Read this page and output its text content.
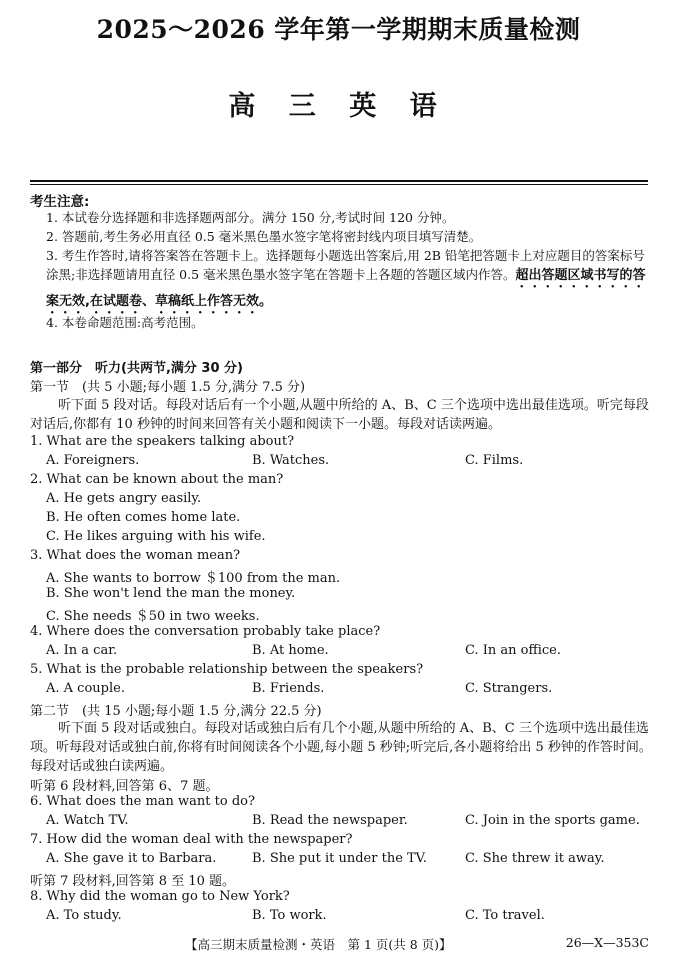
2025～2026 学年第一学期期末质量检测
高 三 英 语
考生注意:
1. 本试卷分选择题和非选择题两部分。满分 150 分,考试时间 120 分钟。
2. 答题前,考生务必用直径 0.5 毫米黑色墨水签字笔将密封线内项目填写清楚。
3. 考生作答时,请将答案答在答题卡上。选择题每小题选出答案后,用 2B 铅笔把答题卡上对应题目的答案标号涂黑;非选择题请用直径 0.5 毫米黑色墨水签字笔在答题卡上各题的答题区域内作答。超出答题区域书写的答案无效,在试题卷、草稿纸上作答无效。
4. 本卷命题范围:高考范围。
第一部分　听力(共两节,满分 30 分)
第一节　(共 5 小题;每小题 1.5 分,满分 7.5 分)
听下面 5 段对话。每段对话后有一个小题,从题中所给的 A、B、C 三个选项中选出最佳选项。听完每段对话后,你都有 10 秒钟的时间来回答有关小题和阅读下一小题。每段对话读两遍。
1. What are the speakers talking about?
A. Foreigners.	B. Watches.	C. Films.
2. What can be known about the man?
A. He gets angry easily.
B. He often comes home late.
C. He likes arguing with his wife.
3. What does the woman mean?
A. She wants to borrow ＄100 from the man.
B. She won't lend the man the money.
C. She needs ＄50 in two weeks.
4. Where does the conversation probably take place?
A. In a car.	B. At home.	C. In an office.
5. What is the probable relationship between the speakers?
A. A couple.	B. Friends.	C. Strangers.
第二节　(共 15 小题;每小题 1.5 分,满分 22.5 分)
听下面 5 段对话或独白。每段对话或独白后有几个小题,从题中所给的 A、B、C 三个选项中选出最佳选项。听每段对话或独白前,你将有时间阅读各个小题,每小题 5 秒钟;听完后,各小题将给出 5 秒钟的作答时间。每段对话或独白读两遍。
听第 6 段材料,回答第 6、7 题。
6. What does the man want to do?
A. Watch TV.	B. Read the newspaper.	C. Join in the sports game.
7. How did the woman deal with the newspaper?
A. She gave it to Barbara.	B. She put it under the TV.	C. She threw it away.
听第 7 段材料,回答第 8 至 10 题。
8. Why did the woman go to New York?
A. To study.	B. To work.	C. To travel.
【高三期末质量检测・英语　第 1 页(共 8 页)】	26—X—353C
